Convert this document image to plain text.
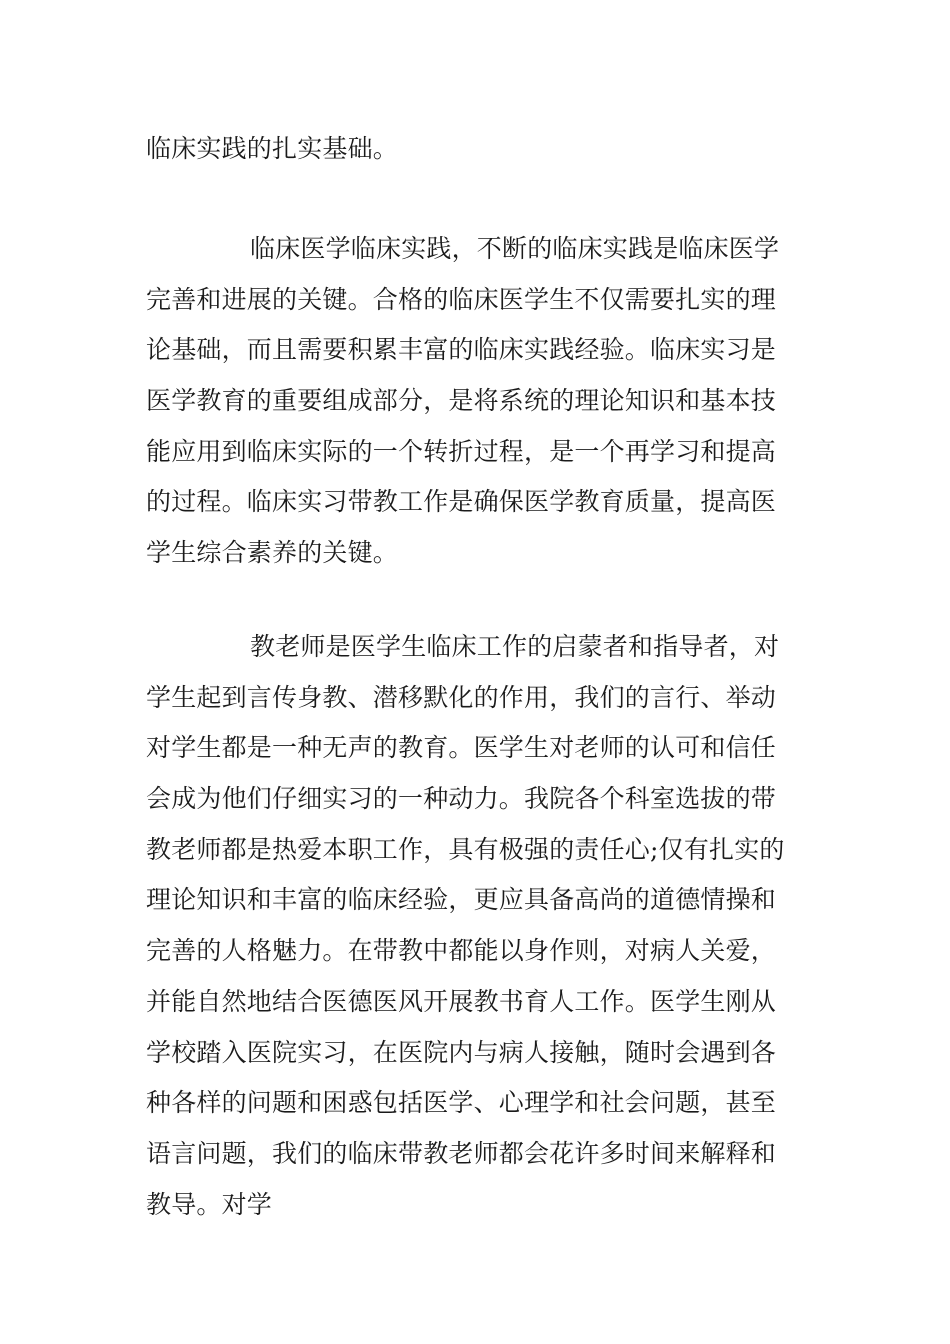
临床实践的扎实基础。
临床医学临床实践，不断的临床实践是临床医学
完善和进展的关键。合格的临床医学生不仅需要扎实的理
论基础，而且需要积累丰富的临床实践经验。临床实习是
医学教育的重要组成部分，是将系统的理论知识和基本技
能应用到临床实际的一个转折过程，是一个再学习和提高
的过程。临床实习带教工作是确保医学教育质量，提高医
学生综合素养的关键。
教老师是医学生临床工作的启蒙者和指导者，对
学生起到言传身教、潜移默化的作用，我们的言行、举动
对学生都是一种无声的教育。医学生对老师的认可和信任
会成为他们仔细实习的一种动力。我院各个科室选拔的带
教老师都是热爱本职工作，具有极强的责任心;仅有扎实的
理论知识和丰富的临床经验，更应具备高尚的道德情操和
完善的人格魅力。在带教中都能以身作则，对病人关爱，
并能自然地结合医德医风开展教书育人工作。医学生刚从
学校踏入医院实习，在医院内与病人接触，随时会遇到各
种各样的问题和困惑包括医学、心理学和社会问题，甚至
语言问题，我们的临床带教老师都会花许多时间来解释和
教导。对学
